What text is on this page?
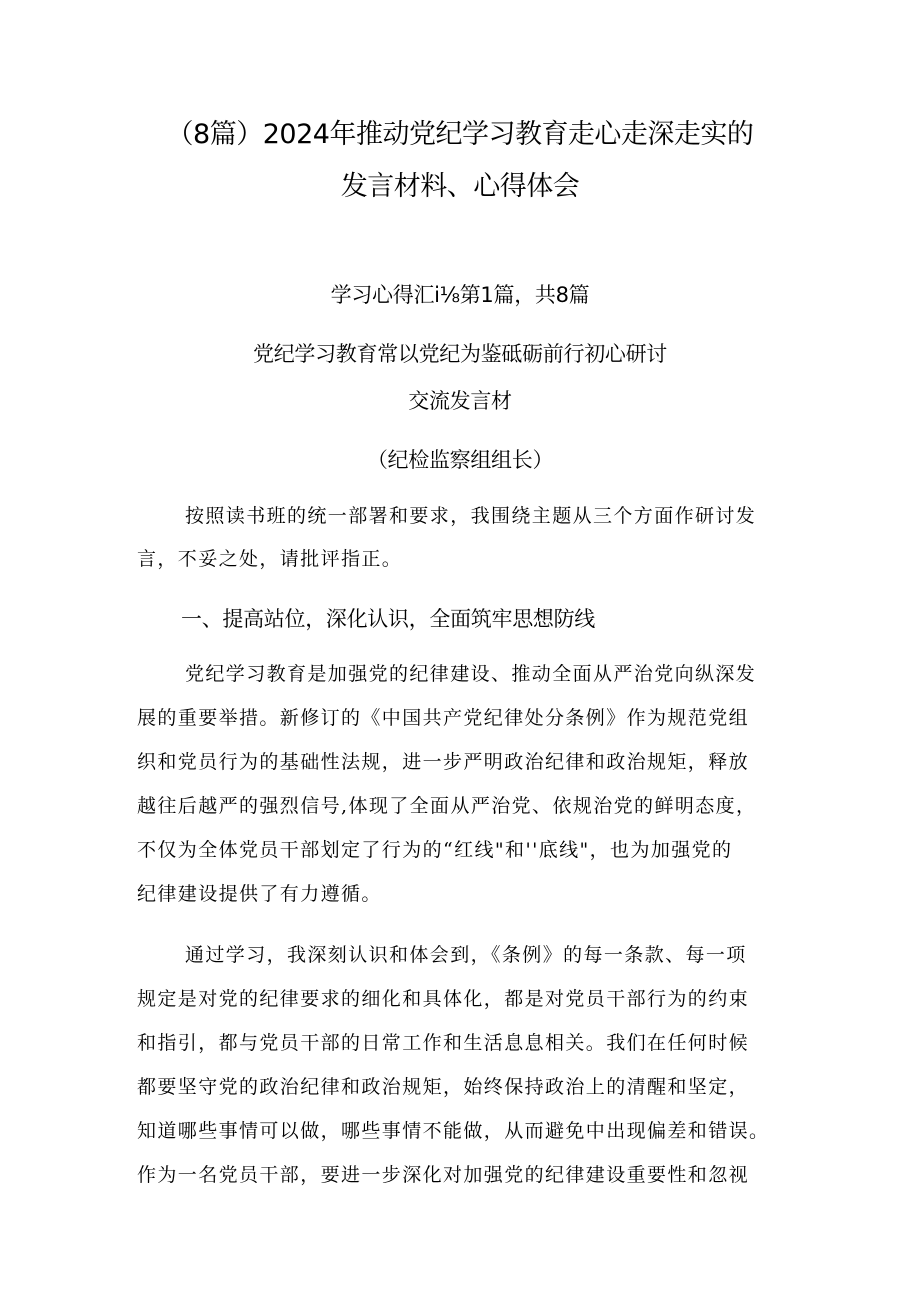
（8篇）2024年推动党纪学习教育走心走深走实的
发言材料、心得体会
学习心得汇i⅛第1篇，共8篇
党纪学习教育常以党纪为鉴砥砺前行初心研讨
交流发言材
（纪检监察组组长）
按照读书班的统一部署和要求，我围绕主题从三个方面作研讨发
言，不妥之处，请批评指正。
一、提高站位，深化认识，全面筑牢思想防线
党纪学习教育是加强党的纪律建设、推动全面从严治党向纵深发
展的重要举措。新修订的《中国共产党纪律处分条例》作为规范党组
织和党员行为的基础性法规，进一步严明政治纪律和政治规矩，释放
越往后越严的强烈信号,体现了全面从严治党、依规治党的鲜明态度，
不仅为全体党员干部划定了行为的“红线"和''底线"，也为加强党的
纪律建设提供了有力遵循。
通过学习，我深刻认识和体会到，《条例》的每一条款、每一项
规定是对党的纪律要求的细化和具体化，都是对党员干部行为的约束
和指引，都与党员干部的日常工作和生活息息相关。我们在任何时候
都要坚守党的政治纪律和政治规矩，始终保持政治上的清醒和坚定，
知道哪些事情可以做，哪些事情不能做，从而避免中出现偏差和错误。
作为一名党员干部，要进一步深化对加强党的纪律建设重要性和忽视
